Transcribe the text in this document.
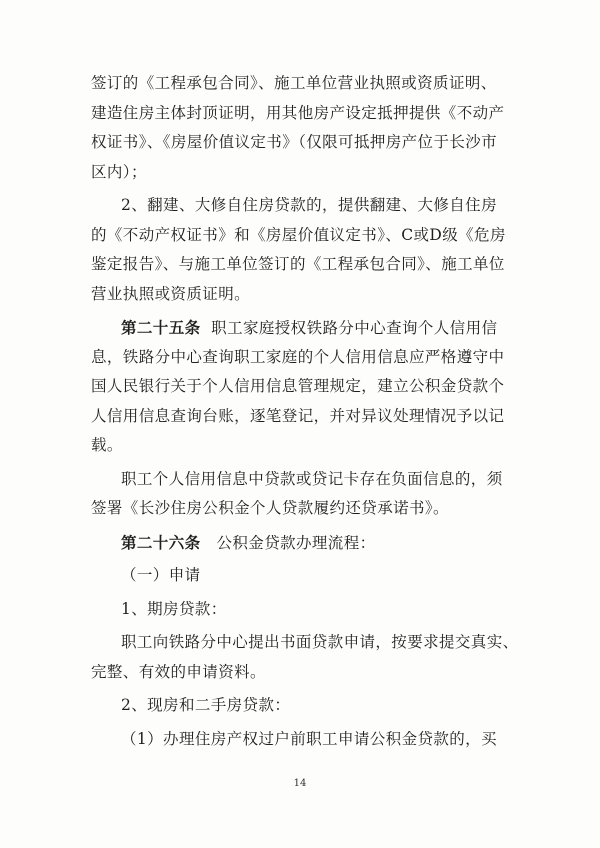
签订的《工程承包合同》、施工单位营业执照或资质证明、
建造住房主体封顶证明，用其他房产设定抵押提供《不动产
权证书》、《房屋价值议定书》（仅限可抵押房产位于长沙市
区内）；
2、翻建、大修自住房贷款的，提供翻建、大修自住房
的《不动产权证书》和《房屋价值议定书》、C或D级《危房
鉴定报告》、与施工单位签订的《工程承包合同》、施工单位
营业执照或资质证明。
第二十五条 职工家庭授权铁路分中心查询个人信用信
息，铁路分中心查询职工家庭的个人信用信息应严格遵守中
国人民银行关于个人信用信息管理规定，建立公积金贷款个
人信用信息查询台账，逐笔登记，并对异议处理情况予以记
载。
职工个人信用信息中贷款或贷记卡存在负面信息的，须
签署《长沙住房公积金个人贷款履约还贷承诺书》。
第二十六条 公积金贷款办理流程：
（一）申请
1、期房贷款：
职工向铁路分中心提出书面贷款申请，按要求提交真实、
完整、有效的申请资料。
2、现房和二手房贷款：
（1）办理住房产权过户前职工申请公积金贷款的，买
14
